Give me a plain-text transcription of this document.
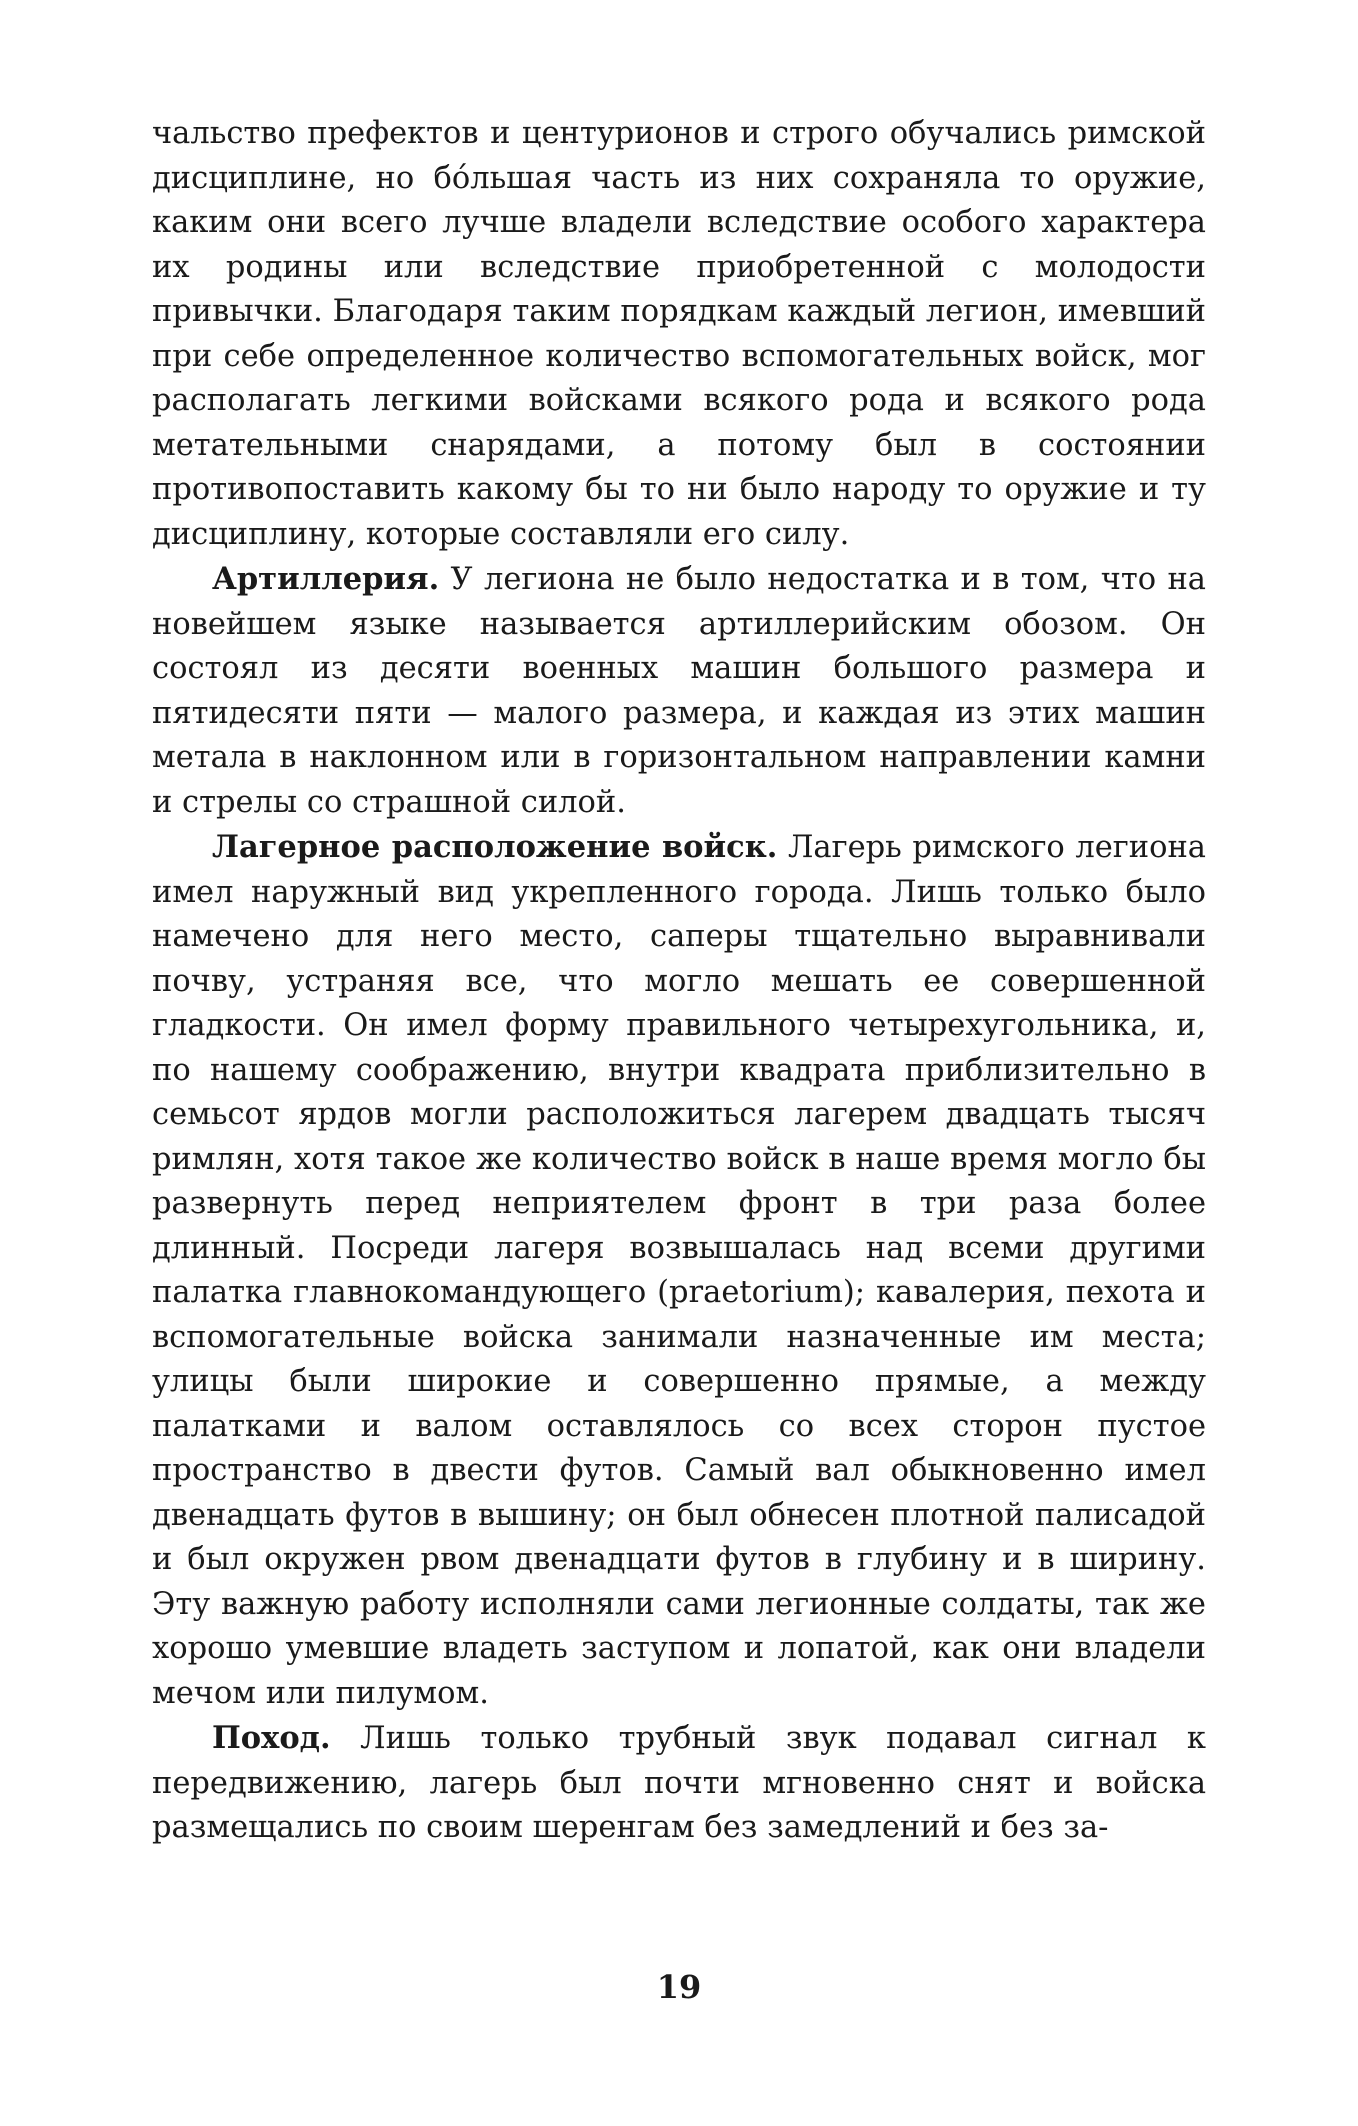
чальство префектов и центурионов и строго обучались римской дисциплине, но бóльшая часть из них сохраняла то оружие, каким они всего лучше владели вследствие особого характера их родины или вследствие приобретенной с молодости привычки. Благодаря таким порядкам каждый легион, имевший при себе определенное количество вспомогательных войск, мог располагать легкими войсками всякого рода и всякого рода метательными снарядами, а потому был в состоянии противопоставить какому бы то ни было народу то оружие и ту дисциплину, которые составляли его силу.

Артиллерия. У легиона не было недостатка и в том, что на новейшем языке называется артиллерийским обозом. Он состоял из десяти военных машин большого размера и пятидесяти пяти — малого размера, и каждая из этих машин метала в наклонном или в горизонтальном направлении камни и стрелы со страшной силой.

Лагерное расположение войск. Лагерь римского легиона имел наружный вид укрепленного города. Лишь только было намечено для него место, саперы тщательно выравнивали почву, устраняя все, что могло мешать ее совершенной гладкости. Он имел форму правильного четырехугольника, и, по нашему соображению, внутри квадрата приблизительно в семьсот ярдов могли расположиться лагерем двадцать тысяч римлян, хотя такое же количество войск в наше время могло бы развернуть перед неприятелем фронт в три раза более длинный. Посреди лагеря возвышалась над всеми другими палатка главнокомандующего (praetorium); кавалерия, пехота и вспомогательные войска занимали назначенные им места; улицы были широкие и совершенно прямые, а между палатками и валом оставлялось со всех сторон пустое пространство в двести футов. Самый вал обыкновенно имел двенадцать футов в вышину; он был обнесен плотной палисадой и был окружен рвом двенадцати футов в глубину и в ширину. Эту важную работу исполняли сами легионные солдаты, так же хорошо умевшие владеть заступом и лопатой, как они владели мечом или пилумом.

Поход. Лишь только трубный звук подавал сигнал к передвижению, лагерь был почти мгновенно снят и войска размещались по своим шеренгам без замедлений и без за-

19
